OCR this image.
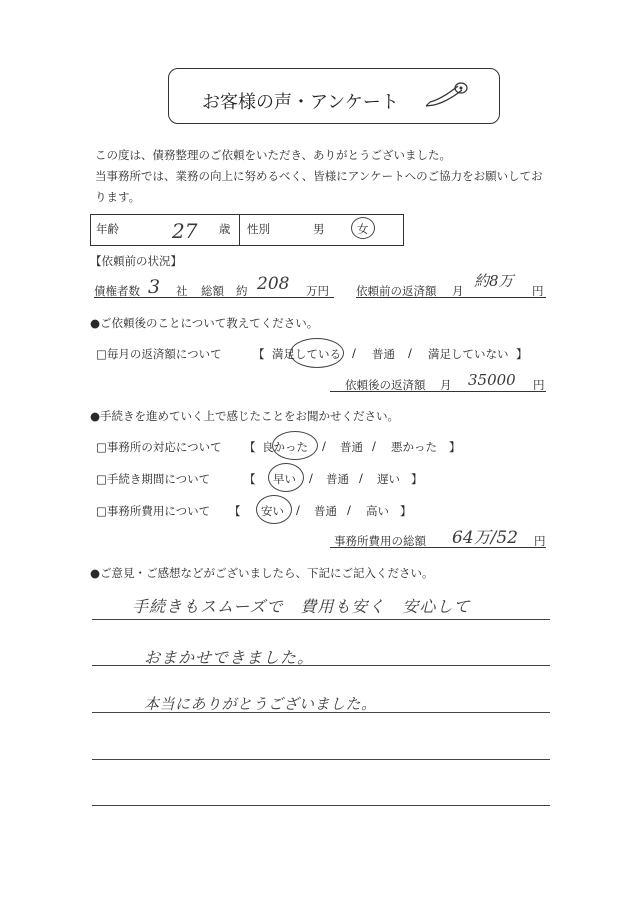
お客様の声・アンケート
この度は、債務整理のご依頼をいただき、ありがとうございました。
当事務所では、業務の向上に努めるべく、皆様にアンケートへのご協力をお願いしてお
ります。
年齢	27 歳 性別	男	女
【依頼前の状況】
債権者数 3 社 総額 約 208 万円 依頼前の返済額 月
約8万
円
●ご依頼後のことについて教えてください。
□毎月の返済額について	【 満足している / 普通 / 満足していない 】
依頼後の返済額 月 35000 円
●手続きを進めていく上で感じたことをお聞かせください。
□事務所の対応について 【 良かった / 普通 / 悪かった 】
□手続き期間について	【 早い / 普通 / 遅い 】
□事務所費用について 【 安い / 普通 / 高い 】
事務所費用の総額 64万/52 円
●ご意見・ご感想などがございましたら、下記にご記入ください。
手続きもスムーズで　費用も安く　安心して
おまかせできました。
本当にありがとうございました。
